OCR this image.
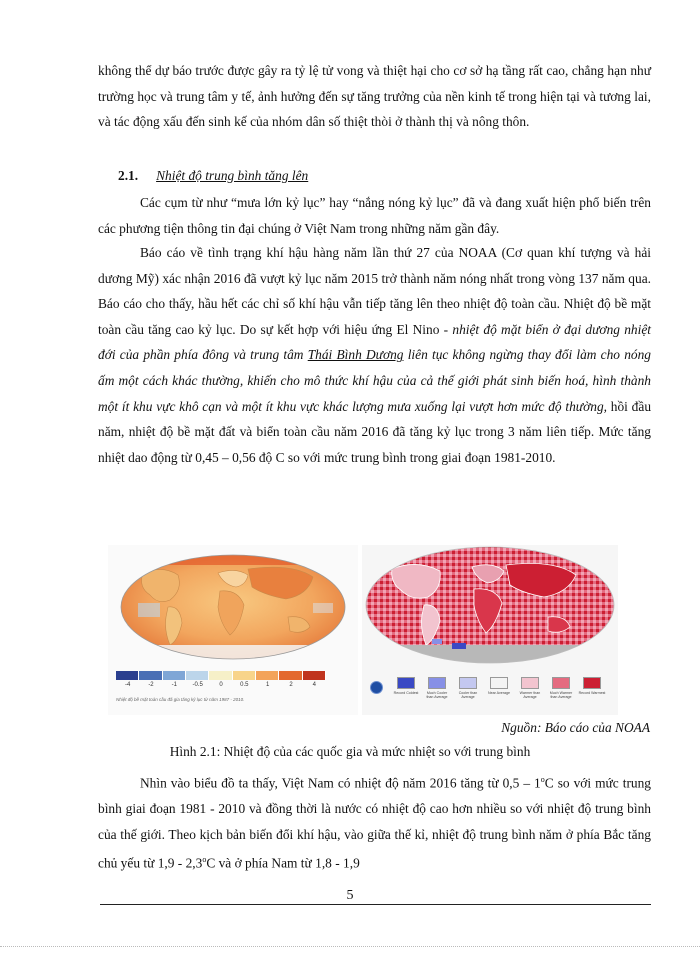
không thể dự báo trước được gây ra tỷ lệ tử vong và thiệt hại cho cơ sở hạ tầng rất cao, chẳng hạn như trường học và trung tâm y tế, ảnh hưởng đến sự tăng trưởng của nền kinh tế trong hiện tại và tương lai, và tác động xấu đến sinh kế của nhóm dân số thiệt thòi ở thành thị và nông thôn.

2.1. Nhiệt độ trung bình tăng lên

Các cụm từ như “mưa lớn kỷ lục” hay “nắng nóng kỷ lục” đã và đang xuất hiện phổ biến trên các phương tiện thông tin đại chúng ở Việt Nam trong những năm gần đây.

Báo cáo về tình trạng khí hậu hàng năm lần thứ 27 của NOAA (Cơ quan khí tượng và hải dương Mỹ) xác nhận 2016 đã vượt kỷ lục năm 2015 trở thành năm nóng nhất trong vòng 137 năm qua. Báo cáo cho thấy, hầu hết các chỉ số khí hậu vẫn tiếp tăng lên theo nhiệt độ toàn cầu. Nhiệt độ bề mặt toàn cầu tăng cao kỷ lục. Do sự kết hợp với hiệu ứng El Nino - nhiệt độ mặt biển ở đại dương nhiệt đới của phần phía đông và trung tâm Thái Bình Dương liên tục không ngừng thay đổi làm cho nóng ấm một cách khác thường, khiến cho mô thức khí hậu của cả thế giới phát sinh biến hoá, hình thành một ít khu vực khô cạn và một ít khu vực khác lượng mưa xuống lại vượt hơn mức độ thường, hồi đầu năm, nhiệt độ bề mặt đất và biển toàn cầu năm 2016 đã tăng kỷ lục trong 3 năm liên tiếp. Mức tăng nhiệt dao động từ 0,45 – 0,56 độ C so với mức trung bình trong giai đoạn 1981-2010.

-4	-2	-1	-0.5	0	0.5	1	2	4
Nhiệt độ bề mặt toàn cầu đã gia tăng kỷ lục từ năm 1987 - 2010.
Record Coldest	Much Cooler than Average
Cooler than Average
Near Average	Warmer than Average
Much Warmer than Average
Record Warmest
Nguồn: Báo cáo của NOAA
Hình 2.1: Nhiệt độ của các quốc gia và mức nhiệt so với trung bình

Nhìn vào biểu đồ ta thấy, Việt Nam có nhiệt độ năm 2016 tăng từ 0,5 – 1$^o$C so với mức trung bình giai đoạn 1981 - 2010 và đồng thời là nước có nhiệt độ cao hơn nhiều so với nhiệt độ trung bình của thế giới. Theo kịch bản biến đổi khí hậu, vào giữa thế kỉ, nhiệt độ trung bình năm ở phía Bắc tăng chủ yếu từ 1,9 - 2,3$^o$C và ở phía Nam từ 1,8 - 1,9

5
